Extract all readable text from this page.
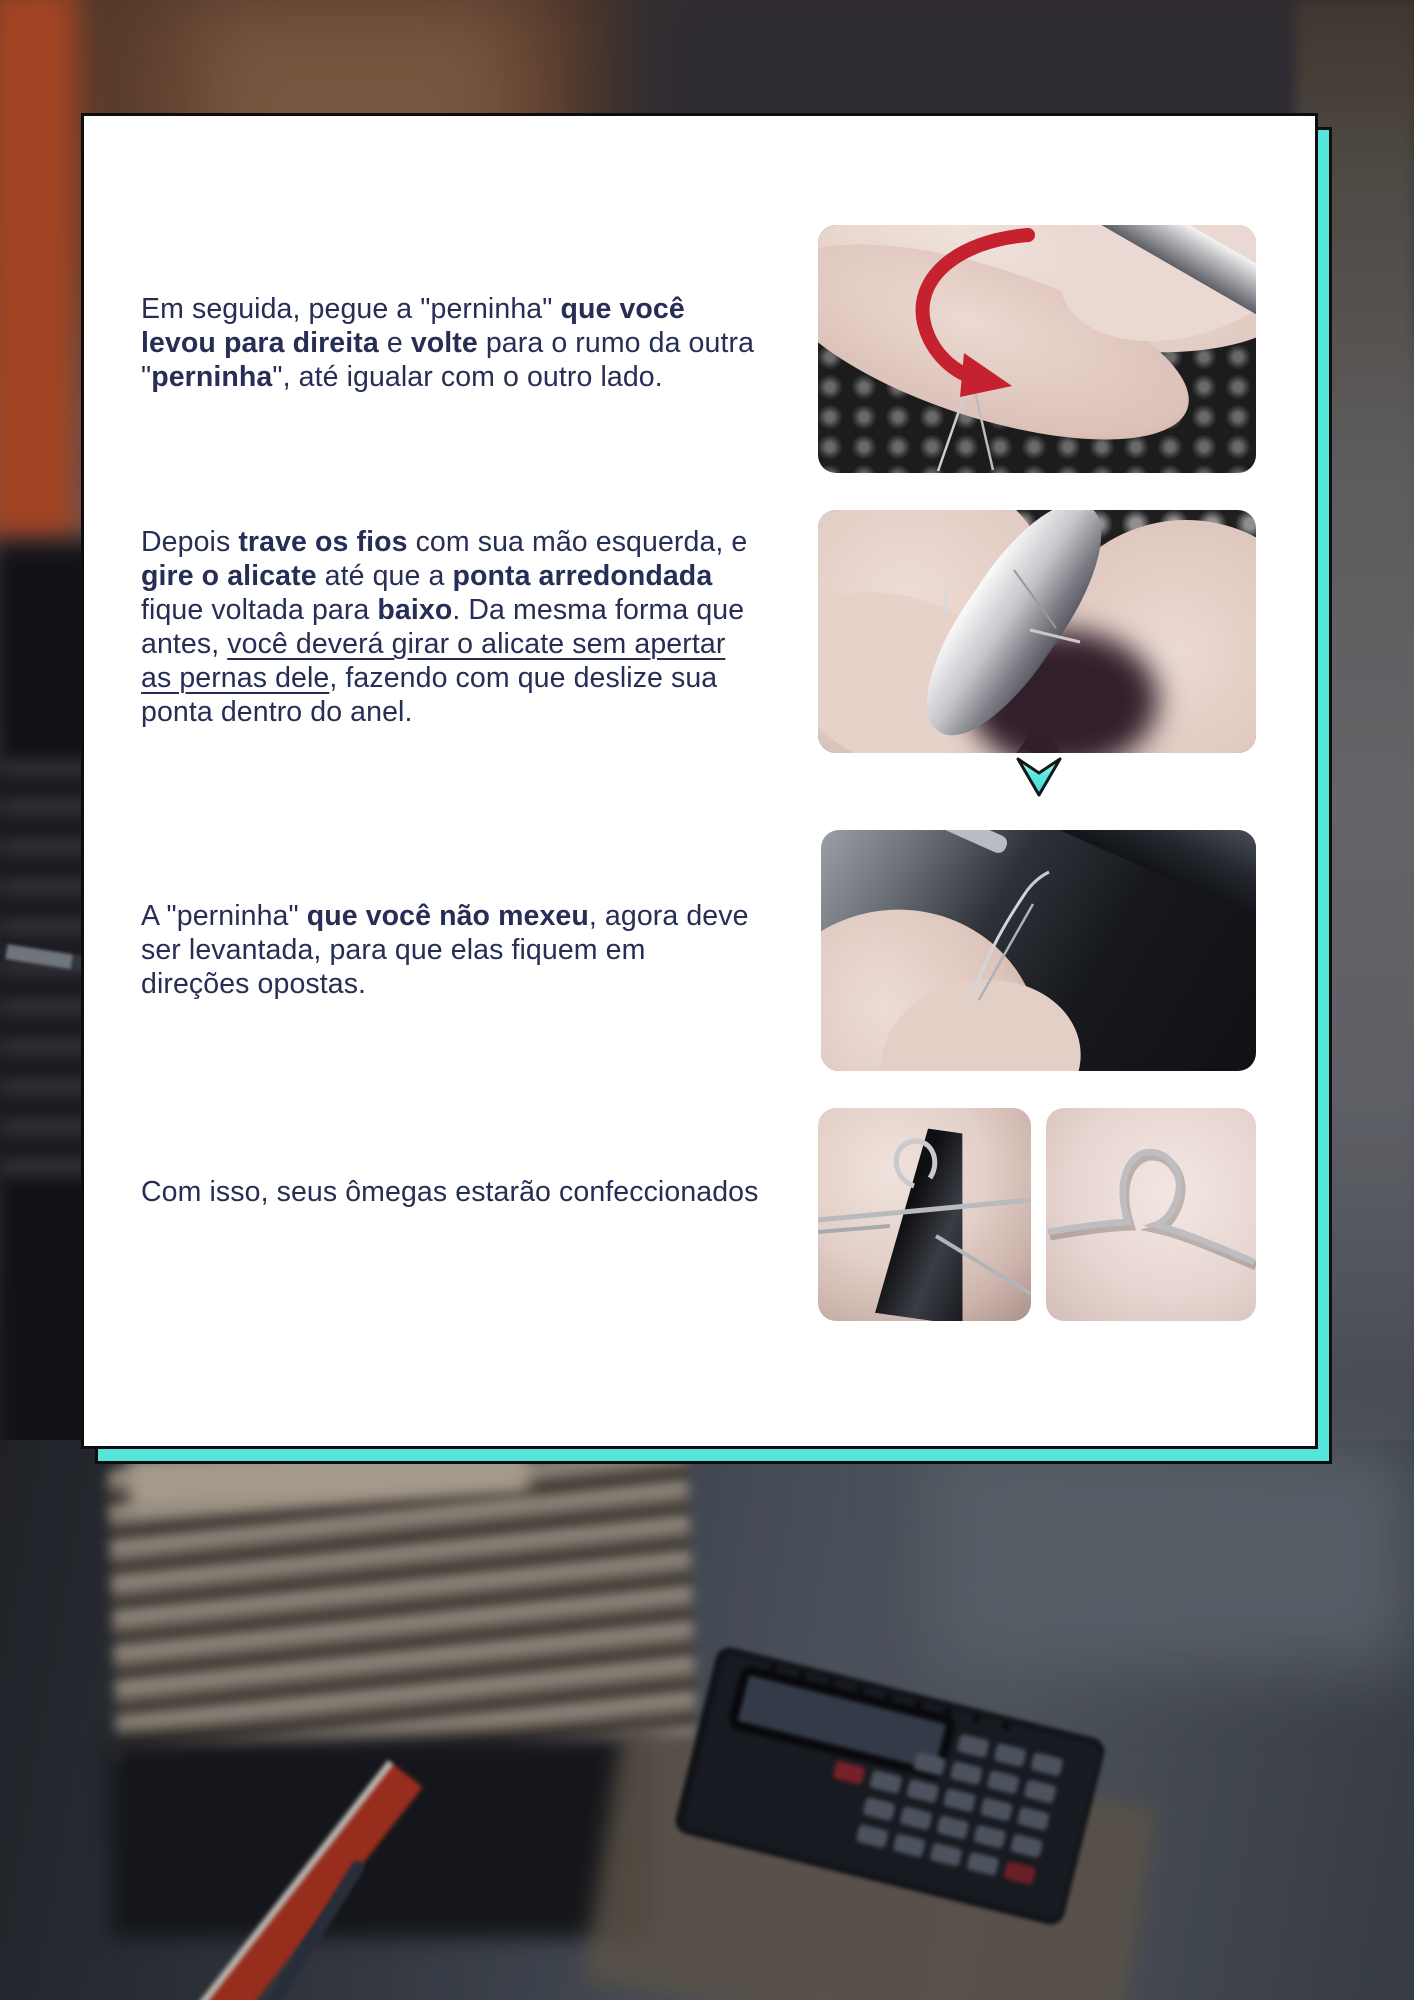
Em seguida, pegue a "perninha" que você levou para direita e volte para o rumo da outra "perninha", até igualar com o outro lado.

Depois trave os fios com sua mão esquerda, e gire o alicate até que a ponta arredondada fique voltada para baixo. Da mesma forma que antes, você deverá girar o alicate sem apertar as pernas dele, fazendo com que deslize sua ponta dentro do anel.

A "perninha" que você não mexeu, agora deve ser levantada, para que elas fiquem em direções opostas.

Com isso, seus ômegas estarão confeccionados
